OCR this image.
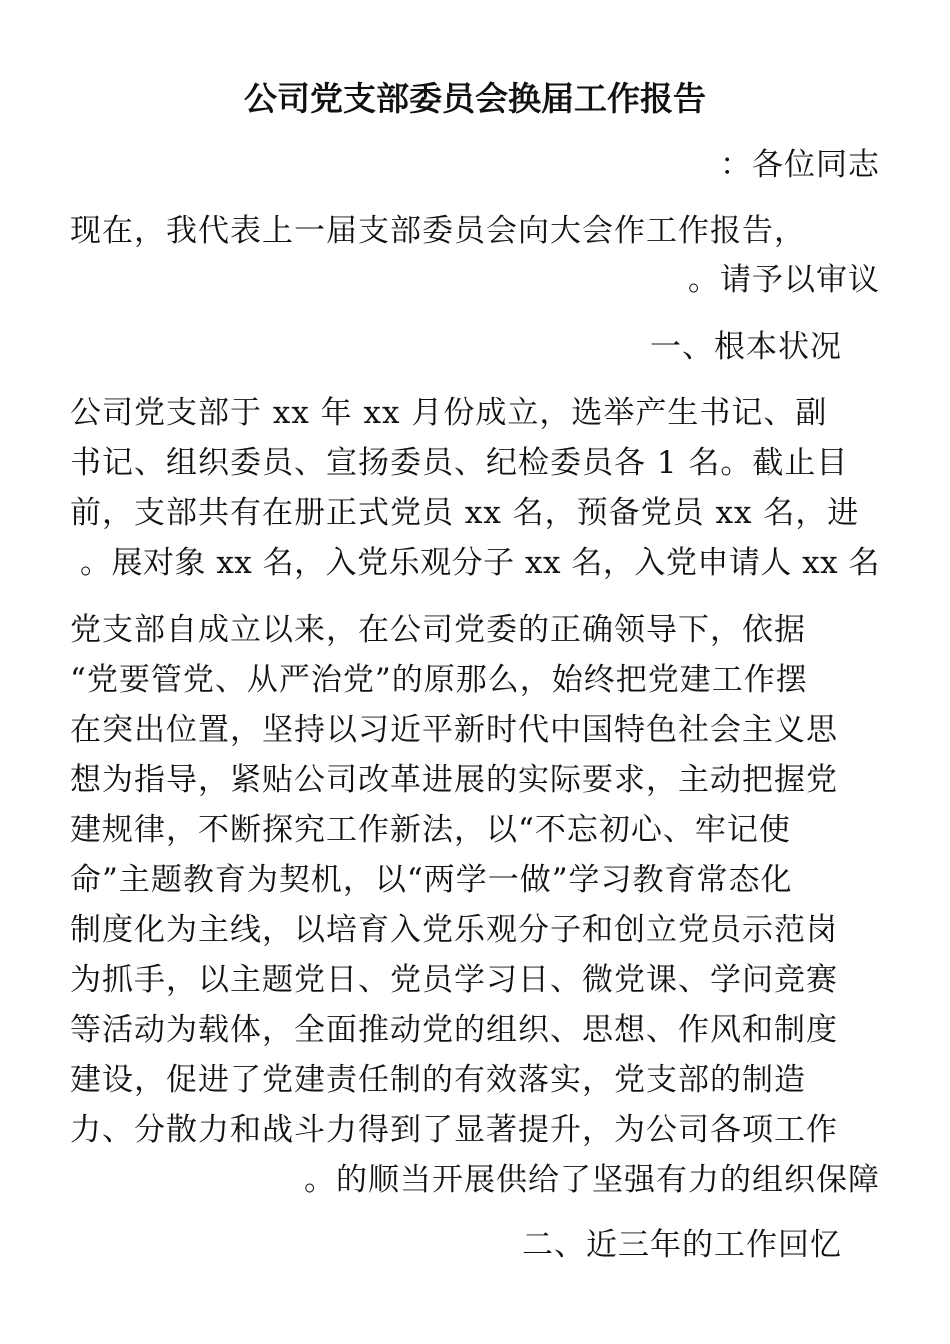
公司党支部委员会换届工作报告
：各位同志
现在，我代表上一届支部委员会向大会作工作报告，
。请予以审议
一、根本状况
公司党支部于 xx 年 xx 月份成立，选举产生书记、副
书记、组织委员、宣扬委员、纪检委员各 1 名。截止目
前，支部共有在册正式党员 xx 名，预备党员 xx 名，进
。展对象 xx 名，入党乐观分子 xx 名，入党申请人 xx 名
党支部自成立以来，在公司党委的正确领导下，依据
“党要管党、从严治党”的原那么，始终把党建工作摆
在突出位置，坚持以习近平新时代中国特色社会主义思
想为指导，紧贴公司改革进展的实际要求，主动把握党
建规律，不断探究工作新法，以“不忘初心、牢记使
命”主题教育为契机，以“两学一做”学习教育常态化
制度化为主线，以培育入党乐观分子和创立党员示范岗
为抓手，以主题党日、党员学习日、微党课、学问竞赛
等活动为载体，全面推动党的组织、思想、作风和制度
建设，促进了党建责任制的有效落实，党支部的制造
力、分散力和战斗力得到了显著提升，为公司各项工作
。的顺当开展供给了坚强有力的组织保障
二、近三年的工作回忆
